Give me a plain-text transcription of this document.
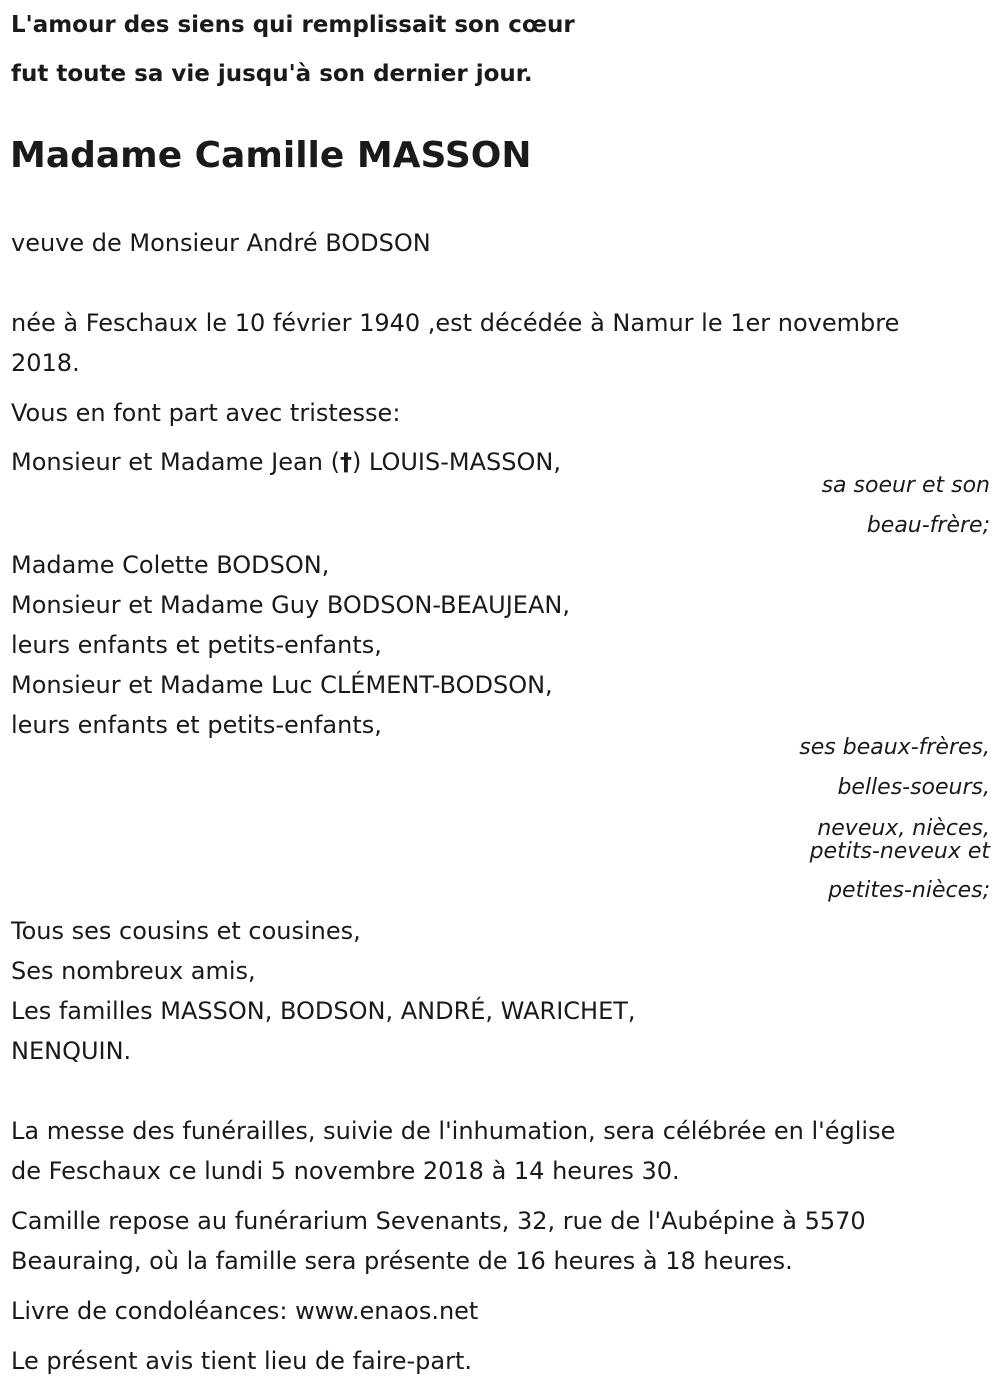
L'amour des siens qui remplissait son cœur
fut toute sa vie jusqu'à son dernier jour.
Madame Camille MASSON
veuve de Monsieur André BODSON
née à Feschaux le 10 février 1940 ,est décédée à Namur le 1er novembre
2018.
Vous en font part avec tristesse:
Monsieur et Madame Jean (†) LOUIS-MASSON,
sa soeur et son
beau-frère;
Madame Colette BODSON,
Monsieur et Madame Guy BODSON-BEAUJEAN,
leurs enfants et petits-enfants,
Monsieur et Madame Luc CLÉMENT-BODSON,
leurs enfants et petits-enfants,
ses beaux-frères,
belles-soeurs,
neveux, nièces,
petits-neveux et
petites-nièces;
Tous ses cousins et cousines,
Ses nombreux amis,
Les familles MASSON, BODSON, ANDRÉ, WARICHET,
NENQUIN.
La messe des funérailles, suivie de l'inhumation, sera célébrée en l'église
de Feschaux ce lundi 5 novembre 2018 à 14 heures 30.
Camille repose au funérarium Sevenants, 32, rue de l'Aubépine à 5570
Beauraing, où la famille sera présente de 16 heures à 18 heures.
Livre de condoléances: www.enaos.net
Le présent avis tient lieu de faire-part.
